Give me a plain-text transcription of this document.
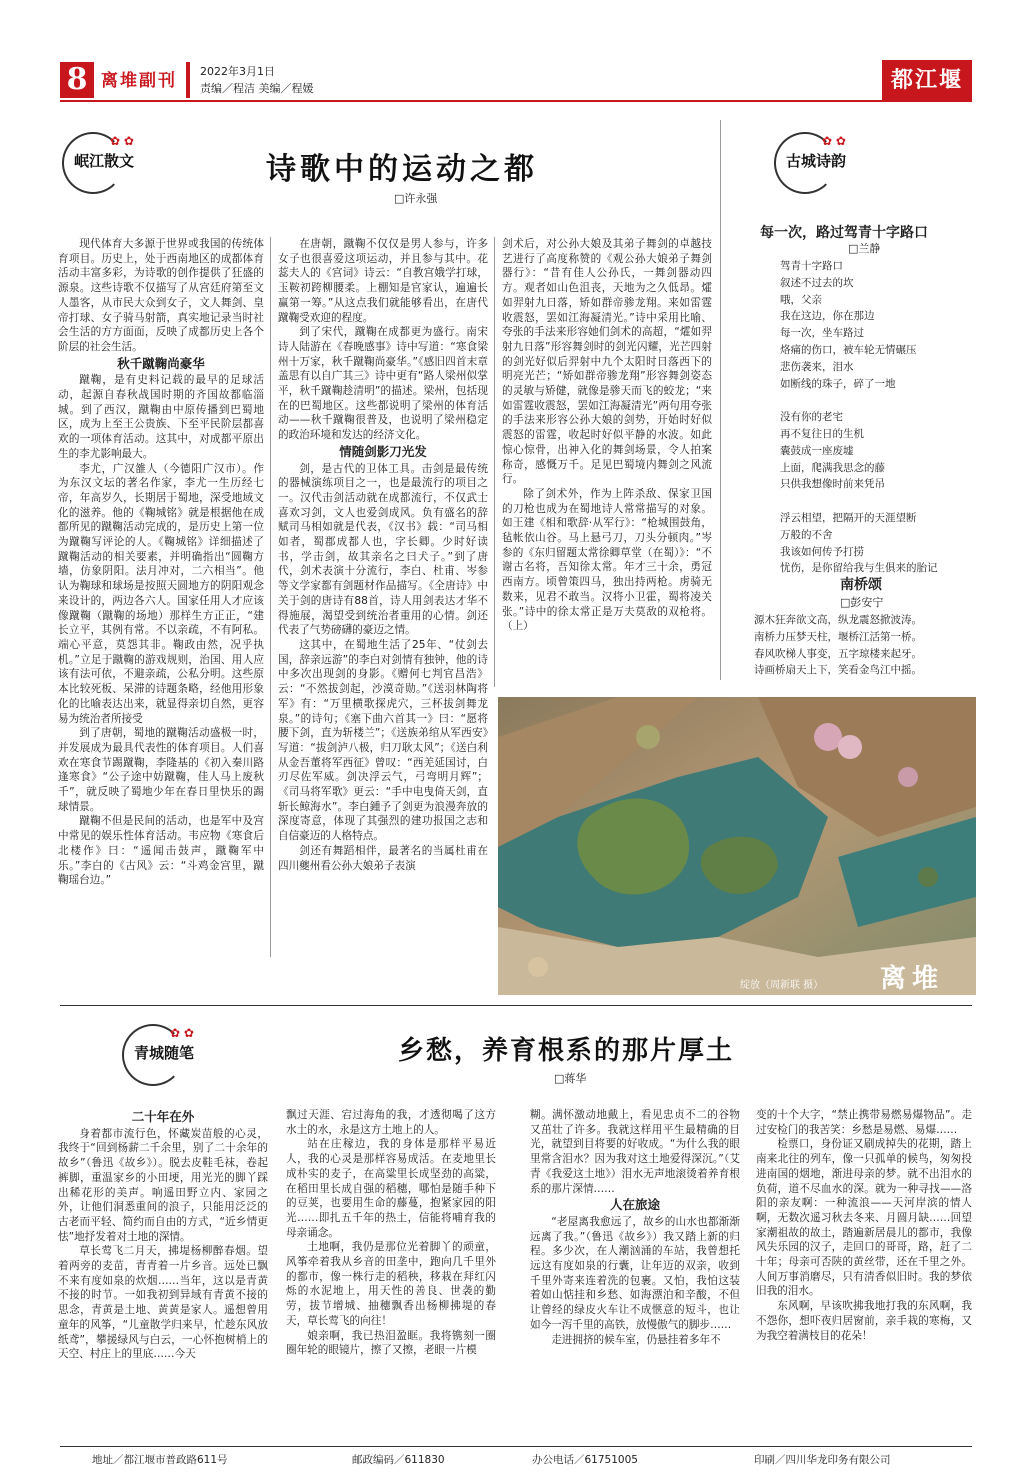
8 离堆副刊 2022年3月1日
责编／程洁 美编／程媛	都江堰报
✿ ✿
岷江散文	诗歌中的运动之都
□许永强

现代体育大多源于世界或我国的传统体育项目。历史上，处于西南地区的成都体育活动丰富多彩，为诗歌的创作提供了狂盛的源泉。这些诗歌不仅描写了从宫廷府第至文人墨客，从市民大众到女子，文人舞剑、皇帝打球、女子骑马射箭，真实地记录当时社会生活的方方面面，反映了成都历史上各个阶层的社会生活。

秋千蹴鞠尚豪华

蹴鞠，是有史料记载的最早的足球活动，起源自春秋战国时期的齐国故都临淄城。到了西汉，蹴鞠由中原传播到巴蜀地区，成为上至王公贵族、下至平民阶层都喜欢的一项体育活动。这其中，对成都平原出生的李尤影响最大。

李尤，广汉雒人（今德阳广汉市）。作为东汉文坛的著名作家，李尤一生历经七帝，年高岁久，长期居于蜀地，深受地域文化的滋养。他的《鞠城铭》就是根据他在成都所见的蹴鞠活动完成的，是历史上第一位为蹴鞠写评论的人。《鞠城铭》详细描述了蹴鞠活动的相关要素，并明确指出“圆鞠方墙，仿象阴阳。法月冲对，二六相当”。他认为鞠球和球场是按照天圆地方的阴阳观念来设计的，两边各六人。国家任用人才应该像蹴鞠（蹴鞠的场地）那样生方正正，“建长立平，其例有常。不以亲疏，不有阿私。端心平意，莫怨其非。鞠政由然，况乎执机。”立足于蹴鞠的游戏规则，治国、用人应该有法可依，不避亲疏，公私分明。这些原本比较死板、呆滞的诗题条略，经他用形象化的比喻表达出来，就显得亲切自然，更容易为统治者所接受

到了唐朝，蜀地的蹴鞠活动盛极一时，并发展成为最具代表性的体育项目。人们喜欢在寒食节踢蹴鞠，李隆基的《初入秦川路逢寒食》“公子途中妨蹴鞠，佳人马上废秋千”，就反映了蜀地少年在春日里快乐的踢球情景。

蹴鞠不但是民间的活动，也是军中及宫中常见的娱乐性体育活动。韦应物《寒食后北楼作》曰：“遥闻击鼓声，蹴鞠军中乐。”李白的《古风》云：“斗鸡金宫里，蹴鞠瑶台边。”

在唐朝，蹴鞠不仅仅是男人参与，许多女子也很喜爱这项运动，并且参与其中。花蕊夫人的《宫词》诗云：“自教宫娥学打球，玉鞍初跨柳腰柔。上棚知是官家认，遍遍长赢第一筹。”从这点我们就能够看出，在唐代蹴鞠受欢迎的程度。

到了宋代，蹴鞠在成都更为盛行。南宋诗人陆游在《春晚感事》诗中写道：“寒食梁州十万家，秋千蹴鞠尚豪华。”《感旧四首末章盖思有以自广其三》诗中更有“路人梁州似掌平，秋千蹴鞠趁清明”的描述。梁州，包括现在的巴蜀地区。这些都说明了梁州的体育活动——秋千蹴鞠很普及，也说明了梁州稳定的政治环境和发达的经济文化。

情随剑影刀光发

剑，是古代的卫体工具。击剑是最传统的器械演练项目之一，也是最流行的项目之一。汉代击剑活动就在成都流行，不仅武士喜欢习剑，文人也爱剑成风。负有盛名的辞赋司马相如就是代表，《汉书》载：“司马相如者，蜀郡成都人也，字长卿。少时好读书，学击剑，故其亲名之曰犬子。”到了唐代，剑术表演十分流行，李白、杜甫、岑参等文学家都有剑题材作品描写。《全唐诗》中关于剑的唐诗有88首，诗人用剑表达才华不得施展，渴望受到统治者重用的心情。剑还代表了气势磅礴的豪迈之情。

这其中，在蜀地生活了25年、“仗剑去国，辞亲远游”的李白对剑情有独钟，他的诗中多次出现剑的身影。《赠何七判官昌浩》云：“不然拔剑起，沙漠奇勋。”《送羽林陶将军》有：“万里横歌探虎穴，三杯拔剑舞龙泉。”的诗句；《塞下曲六首其一》曰：“愿将腰下剑，直为斩楼兰”；《送族弟绾从军西安》写道：“拔剑泸八极，归刀耿太风”；《送白利从金吾董将军西征》曾叹：“西羌延国讨，白刃尽佐军威。剑决浮云气，弓弯明月辉”；《司马将军歌》更云：“手中电曳倚天剑，直斩长鲸海水”。李白鍾予了剑更为浪漫奔放的深度寄意，体现了其强烈的建功报国之志和自信豪迈的人格特点。

剑还有舞蹈相伴，最著名的当属杜甫在四川夔州看公孙大娘弟子表演

剑术后，对公孙大娘及其弟子舞剑的卓越技艺进行了高度称赞的《观公孙大娘弟子舞剑器行》：“昔有佳人公孙氏，一舞剑器动四方。观者如山色沮丧，天地为之久低昂。㸌如羿射九日落，矫如群帝骖龙翔。来如雷霆收震怒，罢如江海凝清光。”诗中采用比喻、夸张的手法来形容她们剑术的高超，“㸌如羿射九日落”形容舞剑时的剑光闪耀，光芒四射的剑光好似后羿射中九个太阳时日落西下的明亮光芒；“矫如群帝骖龙翔”形容舞剑姿态的灵敏与矫健，就像是骖天而飞的蛟龙；“来如雷霆收震怒，罢如江海凝清光”两句用夸张的手法来形容公孙大娘的剑势，开始时好似震怒的雷霆，收起时好似平静的水波。如此惊心惊骨，出神入化的舞剑场景，令人拍案称奇，感慨万千。足见巴蜀境内舞剑之风流行。

除了剑术外，作为上阵杀敌、保家卫国的刀枪也成为在蜀地诗人常常描写的对象。如王建《相和歌辞·从军行》：“枪城围鼓角，毡帐依山谷。马上悬弓刀，刀头分顿肉。”岑参的《东归留题太常徐卿草堂（在蜀）》：“不谢古名将，吾知徐太常。年才三十余，勇冠西南方。顷曾策四马，独出持两枪。虏骑无数来，见君不敢当。汉将小卫霍，蜀将凌关张。”诗中的徐太常正是万夫莫敌的双枪将。（上）

✿ ✿
古城诗韵
每一次，路过驾青十字路口
□兰静
驾青十字路口
叙述不过去的坎
哦，父亲
我在这边，你在那边
每一次，坐车路过
烙痛的伤口，被车轮无情碾压
悲伤袭来，泪水
如断线的珠子，碎了一地
没有你的老宅
再不复往日的生机
囊鼓成一座废墟
上面，爬满我思念的藤
只供我想像时前来凭吊
浮云相望，把隔开的天涯望断
万般的不舍
我该如何传予打捞
忧伤，是你留给我与生俱来的胎记
南桥颂
□彭安宁
源木狂奔欲文高，纵龙震怒掀波涛。
南桥力压梦天柱，堰桥江活第一桥。
春风吹梯人事变，五字琼楼来起牙。
诗画桥扇天上下，笑看金鸟江中摇。
绽放（周新联 摄） 离堆
✿ ✿
青城随笔	乡愁，养育根系的那片厚土
□蒋华
二十年在外

身着都市流行色，怀藏炭苗般的心灵，我终于“回到杨薪二千余里，别了二十余年的故乡”（鲁迅《故乡》）。脱去皮鞋毛袜，卷起裤脚，重温家乡的小田埂，用光光的脚丫踩出稀花形的美声。响遥田野立内、家园之外，让他们洞悉重间的浪子，只能用泛泛的古老而平轻、简约而自由的方式，“近乡情更怯”地抒发着对土地的深情。

草长莺飞二月天，拂堤杨柳醉春烟。望着两旁的麦苗，青青着一片乡音。远处已飘不来有度如泉的炊烟……当年，这以是青黄不接的时节。一如我初到异域有青黄不接的思念，青黄是土地、黄黄是家人。遥想曾用童年的风筝，“儿童散学归来早，忙趁东风放纸鸢”，攀援绿风与白云，一心怀抱树梢上的天空、村庄上的里底……今天

飘过天涯、宕过海角的我，才透彻喝了这方水土的水，永是这方土地上的人。

站在庄稼边，我的身体是那样平易近人，我的心灵是那样容易成活。在麦地里长成朴实的麦子，在高粱里长成坚劲的高粱，在稻田里长成自强的稻穗，哪怕是随手种下的豆荚，也要用生命的藤蔓，抱紧家园的阳光……即扎五千年的热土，信能将哺育我的母亲诵念。

土地啊，我仍是那位光着脚丫的顽童，风筝牵着我从乡音的田垄中，跑向几千里外的都市，像一株行走的稻秧，移栽在拜红闪烁的水泥地上，用天性的善良、世袭的勤劳，拔节增城、抽穗飘香出杨柳拂堤的春天，草长莺飞的向往！

娘亲啊，我已热泪盈眶。我将镌刻一圈圈年轮的眼镜片，擦了又擦，老眼一片模

糊。满怀激动地戴上，看见忠贞不二的谷物又茁壮了许多。我就这样用平生最精确的目光，就望到目将要的好收成。“为什么我的眼里常含泪水？因为我对这土地爱得深沉。”（艾青《我爱这土地》）泪水无声地滚烫着养育根系的那片深情……

人在旅途

“老屋离我愈远了，故乡的山水也都渐渐远离了我。”（鲁迅《故乡》）我又踏上新的归程。多少次，在人潮汹涌的车站，我曾想托远这有度如泉的行囊，让年迈的双亲，收到千里外寄来连着洗的包裹。又怕，我怕这装着如山惦挂和乡愁、如海漂泊和辛酸，不但让曾经的绿皮火车让不成惬意的短斗，也让如今一泻千里的高铁，放慢傲气的脚步……

走进拥挤的候车室，仍悬挂着多年不

变的十个大字，“禁止携带易燃易爆物品”。走过安检门的我苦笑：乡愁是易燃、易爆……

检票口，身份证又刷成掉失的花期，踏上南来北往的列车，像一只孤单的候鸟，匆匆投进南国的烟地，渐进母亲的梦。就不出泪水的负荷，道不尽血水的深。就为一种寻找——洛阳的亲友啊：一种流浪——天河岸滨的情人啊，无数次遥习秋去冬来、月圆月缺……回望家潮祖故的故土，踏遍新居晨儿的都市，我像风失乐园的汉子，走回口的哥哥，路，赶了二十年；母亲可否陕的黄丝带，还在千里之外。人间万事消磨尽，只有清香似旧时。我的梦依旧我的泪水。

东风啊，早该吹拂我地打我的东风啊，我不怨你，想吓夜归居窗前，亲手栽的寒梅，又为我空着满枝目的花朵！

地址／都江堰市普政路611号	邮政编码／611830	办公电话／61751005	印刷／四川华龙印务有限公司
